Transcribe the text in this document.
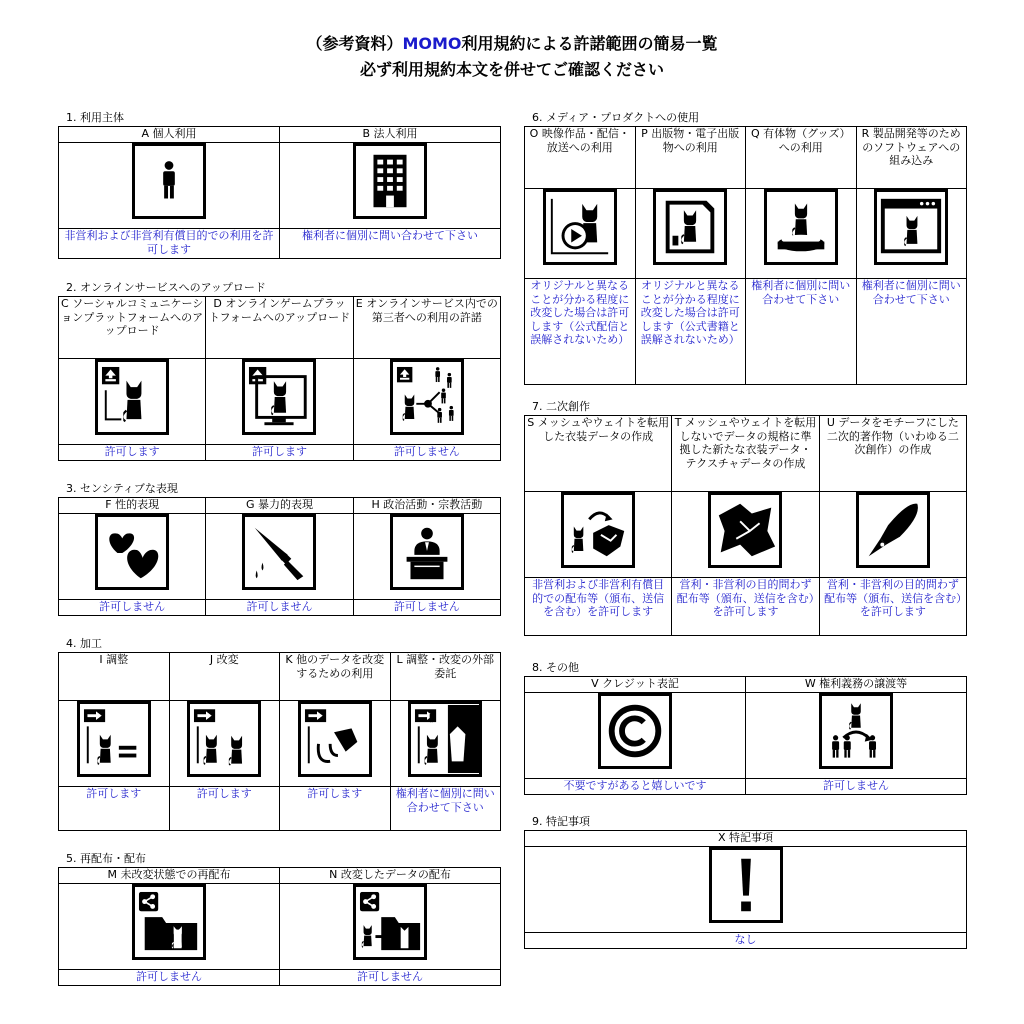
（参考資料）MOMO利用規約による許諾範囲の簡易一覧
必ず利用規約本文を併せてご確認ください
1. 利用主体
A 個人利用	B 法人利用

非営利および非営利有償目的での利用を許可します	権利者に個別に問い合わせて下さい
2. オンラインサービスへのアップロード
C ソーシャルコミュニケーションプラットフォームへのアップロード	D オンラインゲームプラットフォームへのアップロード	E オンラインサービス内での第三者への利用の許諾

許可します	許可します	許可しません
3. センシティブな表現
F 性的表現	G 暴力的表現	H 政治活動・宗教活動

許可しません	許可しません	許可しません
4. 加工
I 調整	J 改変	K 他のデータを改変するための利用	L 調整・改変の外部委託

許可します	許可します	許可します	権利者に個別に問い合わせて下さい
5. 再配布・配布
M 未改変状態での再配布	N 改変したデータの配布

許可しません	許可しません
6. メディア・プロダクトへの使用
O 映像作品・配信・放送への利用	P 出版物・電子出版物への利用	Q 有体物（グッズ）への利用	R 製品開発等のためのソフトウェアへの組み込み

オリジナルと異なることが分かる程度に改変した場合は許可します（公式配信と誤解されないため）	オリジナルと異なることが分かる程度に改変した場合は許可します（公式書籍と誤解されないため）	権利者に個別に問い合わせて下さい	権利者に個別に問い合わせて下さい
7. 二次創作
S メッシュやウェイトを転用した衣装データの作成	T メッシュやウェイトを転用しないでデータの規格に準拠した新たな衣装データ・テクスチャデータの作成	U データをモチーフにした二次的著作物（いわゆる二次創作）の作成

非営利および非営利有償目的での配布等（頒布、送信を含む）を許可します	営利・非営利の目的問わず配布等（頒布、送信を含む）を許可します	営利・非営利の目的問わず配布等（頒布、送信を含む）を許可します
8. その他
V クレジット表記	W 権利義務の譲渡等

不要ですがあると嬉しいです	許可しません
9. 特記事項
X 特記事項

なし
